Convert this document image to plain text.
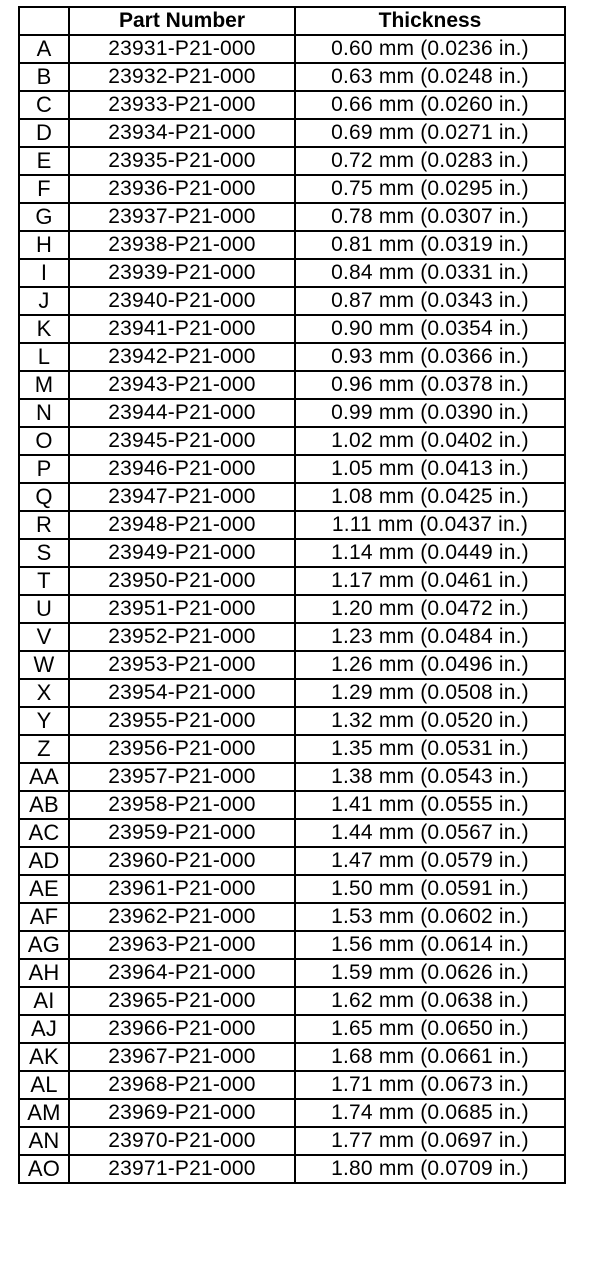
	Part Number	Thickness
A	23931-P21-000	0.60 mm (0.0236 in.)
B	23932-P21-000	0.63 mm (0.0248 in.)
C	23933-P21-000	0.66 mm (0.0260 in.)
D	23934-P21-000	0.69 mm (0.0271 in.)
E	23935-P21-000	0.72 mm (0.0283 in.)
F	23936-P21-000	0.75 mm (0.0295 in.)
G	23937-P21-000	0.78 mm (0.0307 in.)
H	23938-P21-000	0.81 mm (0.0319 in.)
I	23939-P21-000	0.84 mm (0.0331 in.)
J	23940-P21-000	0.87 mm (0.0343 in.)
K	23941-P21-000	0.90 mm (0.0354 in.)
L	23942-P21-000	0.93 mm (0.0366 in.)
M	23943-P21-000	0.96 mm (0.0378 in.)
N	23944-P21-000	0.99 mm (0.0390 in.)
O	23945-P21-000	1.02 mm (0.0402 in.)
P	23946-P21-000	1.05 mm (0.0413 in.)
Q	23947-P21-000	1.08 mm (0.0425 in.)
R	23948-P21-000	1.11 mm (0.0437 in.)
S	23949-P21-000	1.14 mm (0.0449 in.)
T	23950-P21-000	1.17 mm (0.0461 in.)
U	23951-P21-000	1.20 mm (0.0472 in.)
V	23952-P21-000	1.23 mm (0.0484 in.)
W	23953-P21-000	1.26 mm (0.0496 in.)
X	23954-P21-000	1.29 mm (0.0508 in.)
Y	23955-P21-000	1.32 mm (0.0520 in.)
Z	23956-P21-000	1.35 mm (0.0531 in.)
AA	23957-P21-000	1.38 mm (0.0543 in.)
AB	23958-P21-000	1.41 mm (0.0555 in.)
AC	23959-P21-000	1.44 mm (0.0567 in.)
AD	23960-P21-000	1.47 mm (0.0579 in.)
AE	23961-P21-000	1.50 mm (0.0591 in.)
AF	23962-P21-000	1.53 mm (0.0602 in.)
AG	23963-P21-000	1.56 mm (0.0614 in.)
AH	23964-P21-000	1.59 mm (0.0626 in.)
AI	23965-P21-000	1.62 mm (0.0638 in.)
AJ	23966-P21-000	1.65 mm (0.0650 in.)
AK	23967-P21-000	1.68 mm (0.0661 in.)
AL	23968-P21-000	1.71 mm (0.0673 in.)
AM	23969-P21-000	1.74 mm (0.0685 in.)
AN	23970-P21-000	1.77 mm (0.0697 in.)
AO	23971-P21-000	1.80 mm (0.0709 in.)
